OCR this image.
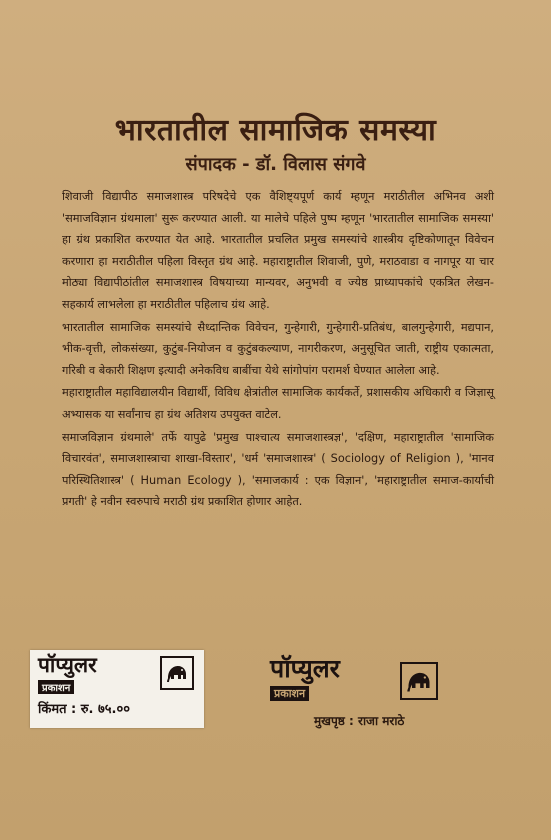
भारतातील सामाजिक समस्या
संपादक - डॉ. विलास संगवे

शिवाजी विद्यापीठ समाजशास्त्र परिषदेचे एक वैशिष्ट्यपूर्ण कार्य म्हणून मराठीतील अभिनव अशी 'समाजविज्ञान ग्रंथमाला' सुरू करण्यात आली. या मालेचे पहिले पुष्प म्हणून 'भारतातील सामाजिक समस्या' हा ग्रंथ प्रकाशित करण्यात येत आहे. भारतातील प्रचलित प्रमुख समस्यांचे शास्त्रीय दृष्टिकोणातून विवेचन करणारा हा मराठीतील पहिला विस्तृत ग्रंथ आहे. महाराष्ट्रातील शिवाजी, पुणे, मराठवाडा व नागपूर या चार मोठ्या विद्यापीठांतील समाजशास्त्र विषयाच्या मान्यवर, अनुभवी व ज्येष्ठ प्राध्यापकांचे एकत्रित लेखन-सहकार्य लाभलेला हा मराठीतील पहिलाच ग्रंथ आहे.

भारतातील सामाजिक समस्यांचे सैध्दान्तिक विवेचन, गुन्हेगारी, गुन्हेगारी-प्रतिबंध, बालगुन्हेगारी, मद्यपान, भीक-वृत्ती, लोकसंख्या, कुटुंब-नियोजन व कुटुंबकल्याण, नागरीकरण, अनुसूचित जाती, राष्ट्रीय एकात्मता, गरिबी व बेकारी शिक्षण इत्यादी अनेकविध बाबींचा येथे सांगोपांग परामर्श घेण्यात आलेला आहे.

महाराष्ट्रातील महाविद्यालयीन विद्यार्थी, विविध क्षेत्रांतील सामाजिक कार्यकर्ते, प्रशासकीय अधिकारी व जिज्ञासू अभ्यासक या सर्वांनाच हा ग्रंथ अतिशय उपयुक्त वाटेल.

समाजविज्ञान ग्रंथमाले' तर्फे यापुढे 'प्रमुख पाश्चात्य समाजशास्त्रज्ञ', 'दक्षिण, महाराष्ट्रातील 'सामाजिक विचारवंत', समाजशास्त्राचा शाखा-विस्तार', 'धर्म 'समाजशास्त्र' ( Sociology of Religion ), 'मानव परिस्थितिशास्त्र' ( Human Ecology ), 'समाजकार्य : एक विज्ञान', 'महाराष्ट्रातील समाज-कार्याची प्रगती' हे नवीन स्वरुपाचे मराठी ग्रंथ प्रकाशित होणार आहेत.

पॉप्युलर
प्रकाशन
किंमत : रु. ७५.००
पॉप्युलर
प्रकाशन
मुखपृष्ठ : राजा मराठे
